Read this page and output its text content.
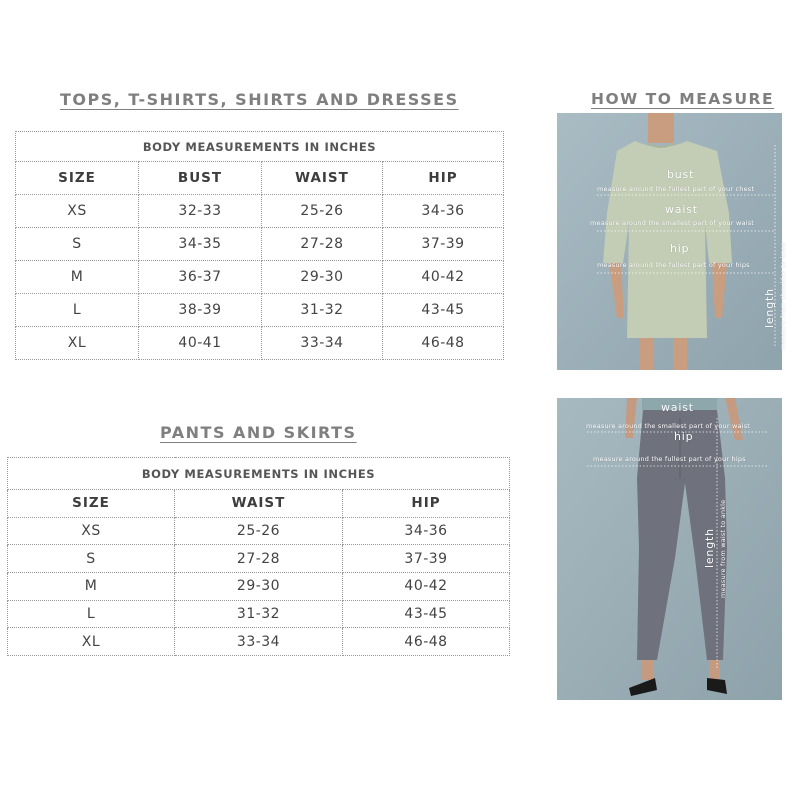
TOPS, T-SHIRTS, SHIRTS AND DRESSES
PANTS AND SKIRTS
HOW TO MEASURE
BODY MEASUREMENTS IN INCHES			
SIZE	BUST	WAIST	HIP
XS	32-33	25-26	34-36
S	34-35	27-28	37-39
M	36-37	29-30	40-42
L	38-39	31-32	43-45
XL	40-41	33-34	46-48
BODY MEASUREMENTS IN INCHES		
SIZE	WAIST	HIP
XS	25-26	34-36
S	27-28	37-39
M	29-30	40-42
L	31-32	43-45
XL	33-34	46-48
bust
measure around the fullest part of your chest
waist
measure around the smallest part of your waist
hip
measure around the fullest part of your hips
length measure from shoulder to knee
waist
measure around the smallest part of your waist
hip
measure around the fullest part of your hips
length measure from waist to ankle
